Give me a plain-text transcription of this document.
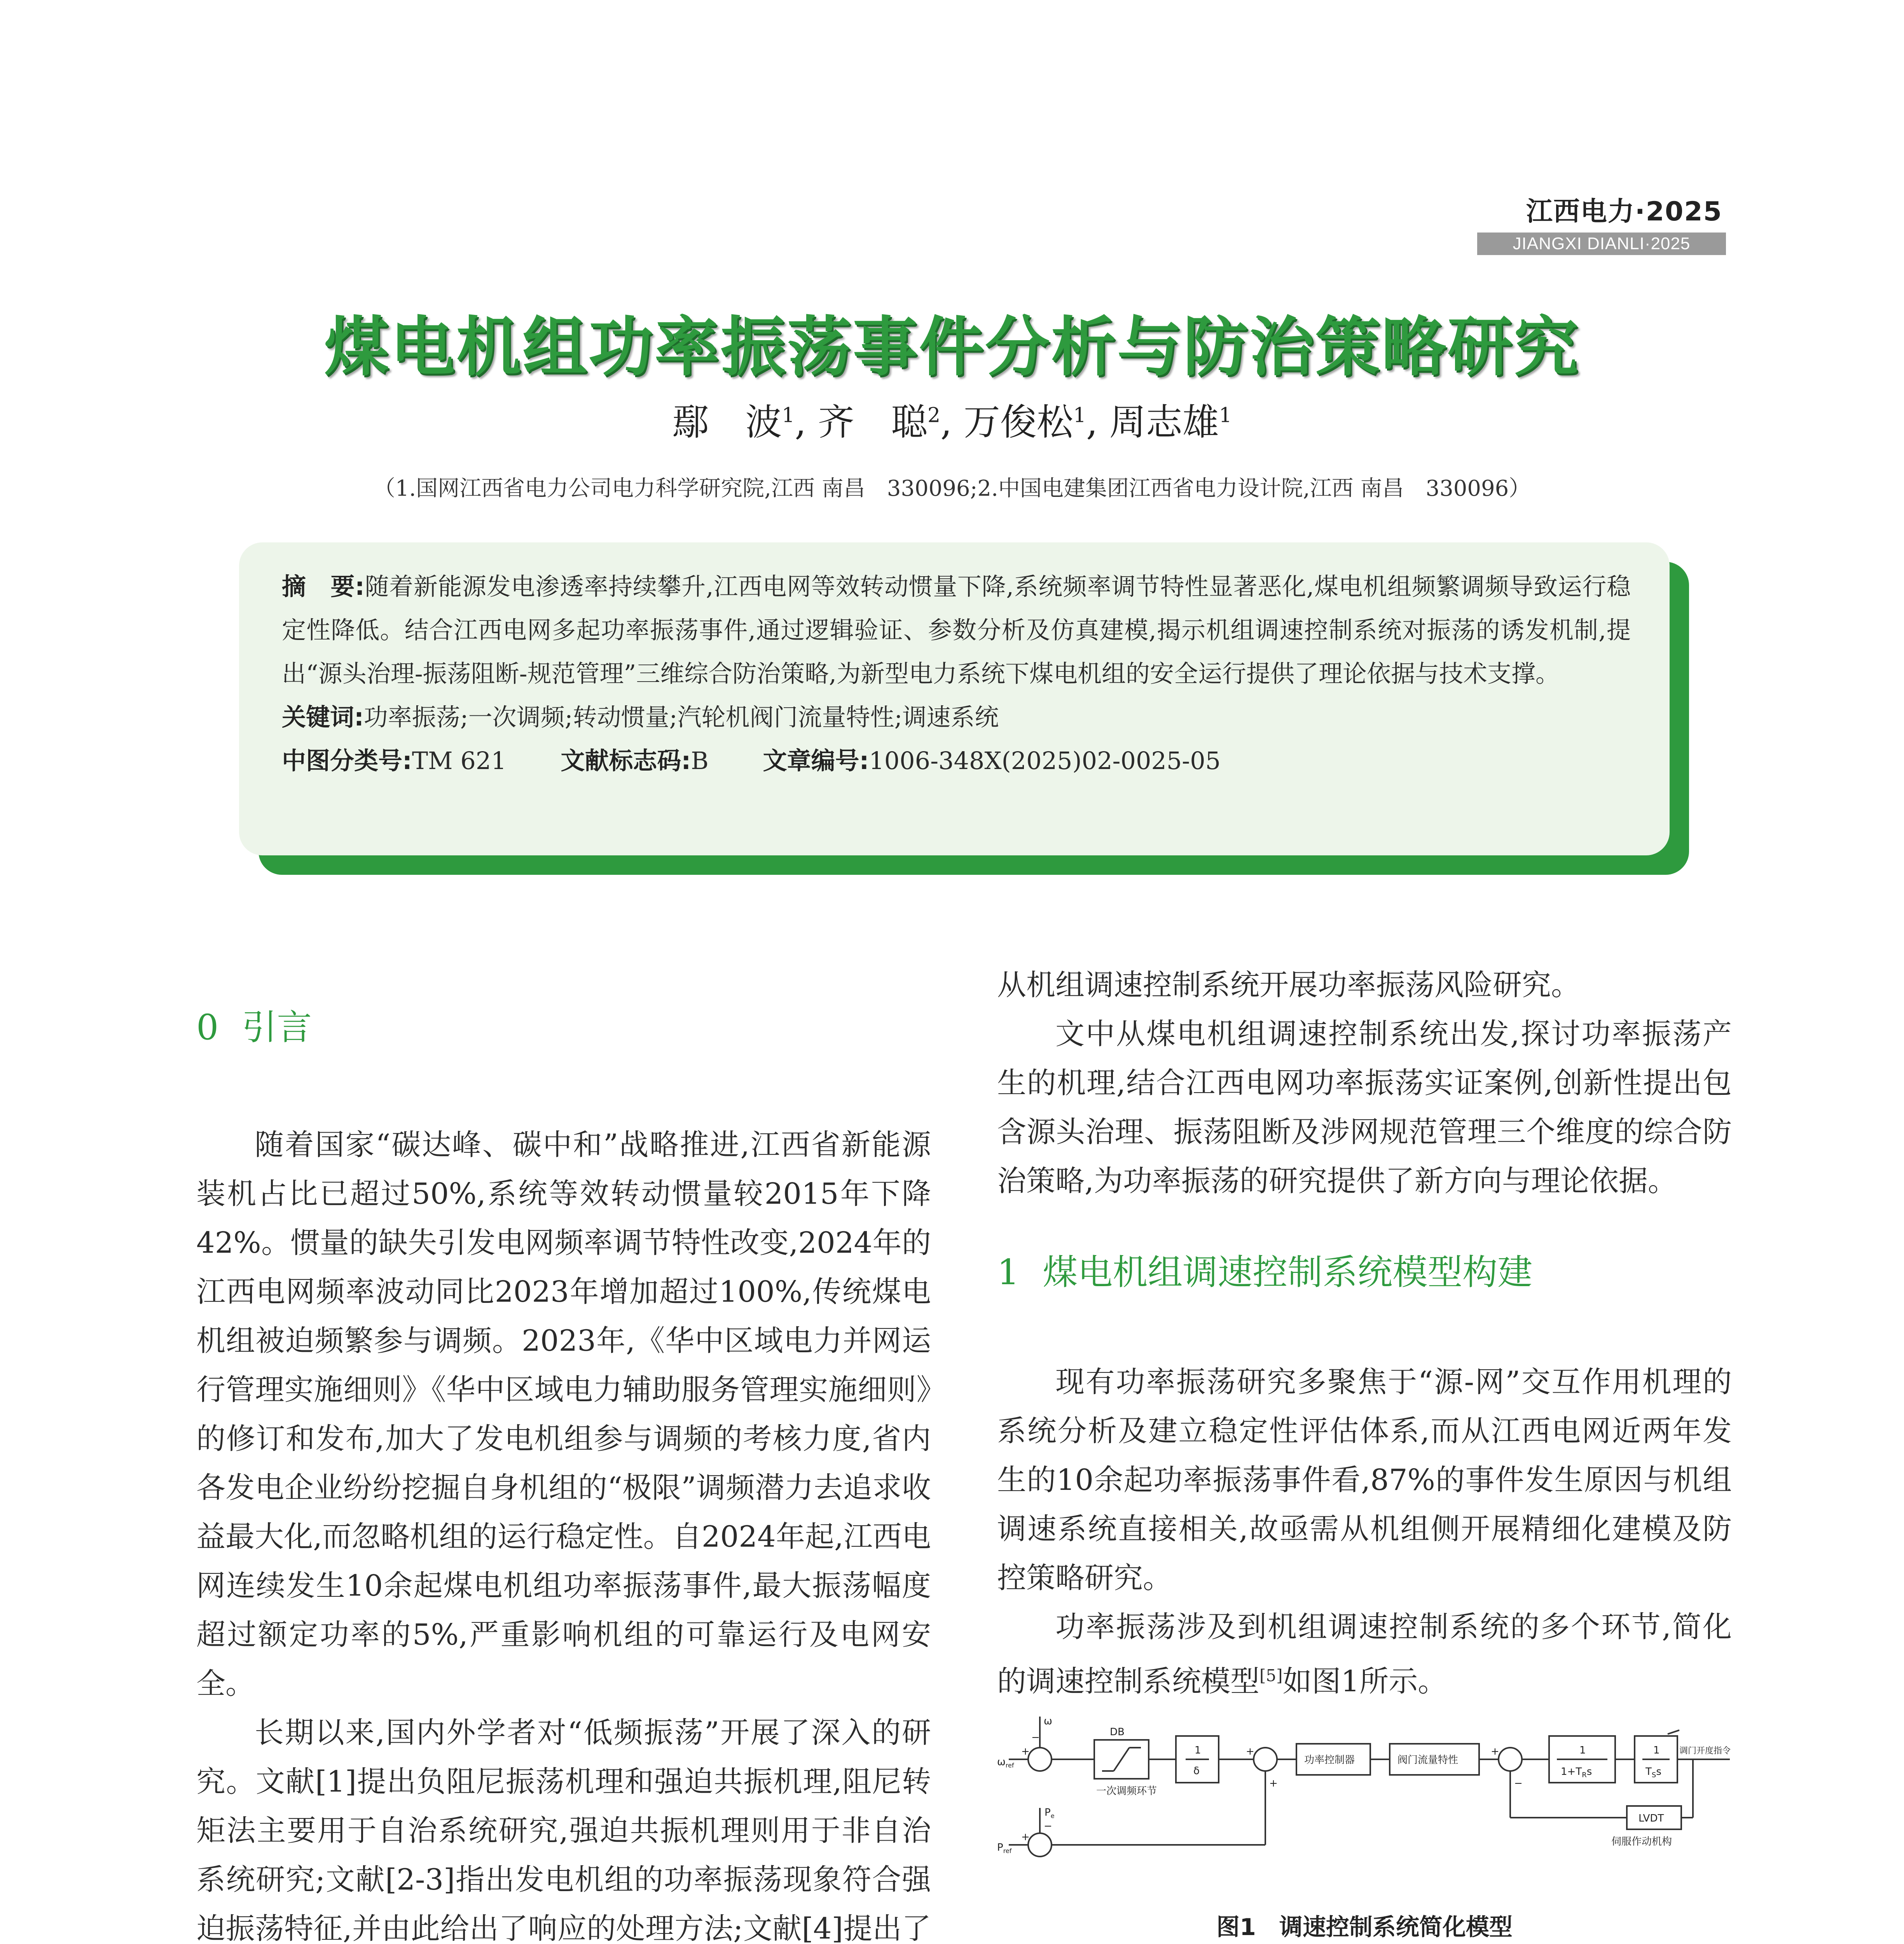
江西电力·2025
JIANGXI DIANLI·2025
煤电机组功率振荡事件分析与防治策略研究
鄢　波$^1$, 齐　聪$^2$, 万俊松$^1$, 周志雄$^1$
（1.国网江西省电力公司电力科学研究院,江西 南昌　330096;2.中国电建集团江西省电力设计院,江西 南昌　330096）
摘　要:随着新能源发电渗透率持续攀升,江西电网等效转动惯量下降,系统频率调节特性显著恶化,煤电机组频繁调频导致运行稳定性降低。结合江西电网多起功率振荡事件,通过逻辑验证、参数分析及仿真建模,揭示机组调速控制系统对振荡的诱发机制,提出“源头治理-振荡阻断-规范管理”三维综合防治策略,为新型电力系统下煤电机组的安全运行提供了理论依据与技术支撑。
关键词:功率振荡;一次调频;转动惯量;汽轮机阀门流量特性;调速系统
中图分类号:TM 621 文献标志码:B 文章编号:1006-348X(2025)02-0025-05
0 引言

随着国家“碳达峰、碳中和”战略推进,江西省新能源装机占比已超过50%,系统等效转动惯量较2015年下降42%。惯量的缺失引发电网频率调节特性改变,2024年的江西电网频率波动同比2023年增加超过100%,传统煤电机组被迫频繁参与调频。2023年,《华中区域电力并网运行管理实施细则》《华中区域电力辅助服务管理实施细则》的修订和发布,加大了发电机组参与调频的考核力度,省内各发电企业纷纷挖掘自身机组的“极限”调频潜力去追求收益最大化,而忽略机组的运行稳定性。自2024年起,江西电网连续发生10余起煤电机组功率振荡事件,最大振荡幅度超过额定功率的5%,严重影响机组的可靠运行及电网安全。

长期以来,国内外学者对“低频振荡”开展了深入的研究。文献[1]提出负阻尼振荡机理和强迫共振机理,阻尼转矩法主要用于自治系统研究,强迫共振机理则用于非自治系统研究;文献[2-3]指出发电机组的功率振荡现象符合强迫振荡特征,并由此给出了响应的处理方法;文献[4]提出了

从机组调速控制系统开展功率振荡风险研究。

文中从煤电机组调速控制系统出发,探讨功率振荡产生的机理,结合江西电网功率振荡实证案例,创新性提出包含源头治理、振荡阻断及涉网规范管理三个维度的综合防治策略,为功率振荡的研究提供了新方向与理论依据。

1 煤电机组调速控制系统模型构建

现有功率振荡研究多聚焦于“源-网”交互作用机理的系统分析及建立稳定性评估体系,而从江西电网近两年发生的10余起功率振荡事件看,87%的事件发生原因与机组调速系统直接相关,故亟需从机组侧开展精细化建模及防控策略研究。

功率振荡涉及到机组调速控制系统的多个环节,简化的调速控制系统模型[5]如图1所示。

DB
一次调频环节
1
δ
功率控制器	阀门流量特性
1
$1+T_Rs$
1
$T_Ss$
LVDT
伺服作动机构
调门开度指令
$\omega_{ref}$
ω
$P_{ref}$
$P_e$
+
−
+
+
+
−
+
−
图1　 调速控制系统简化模型
